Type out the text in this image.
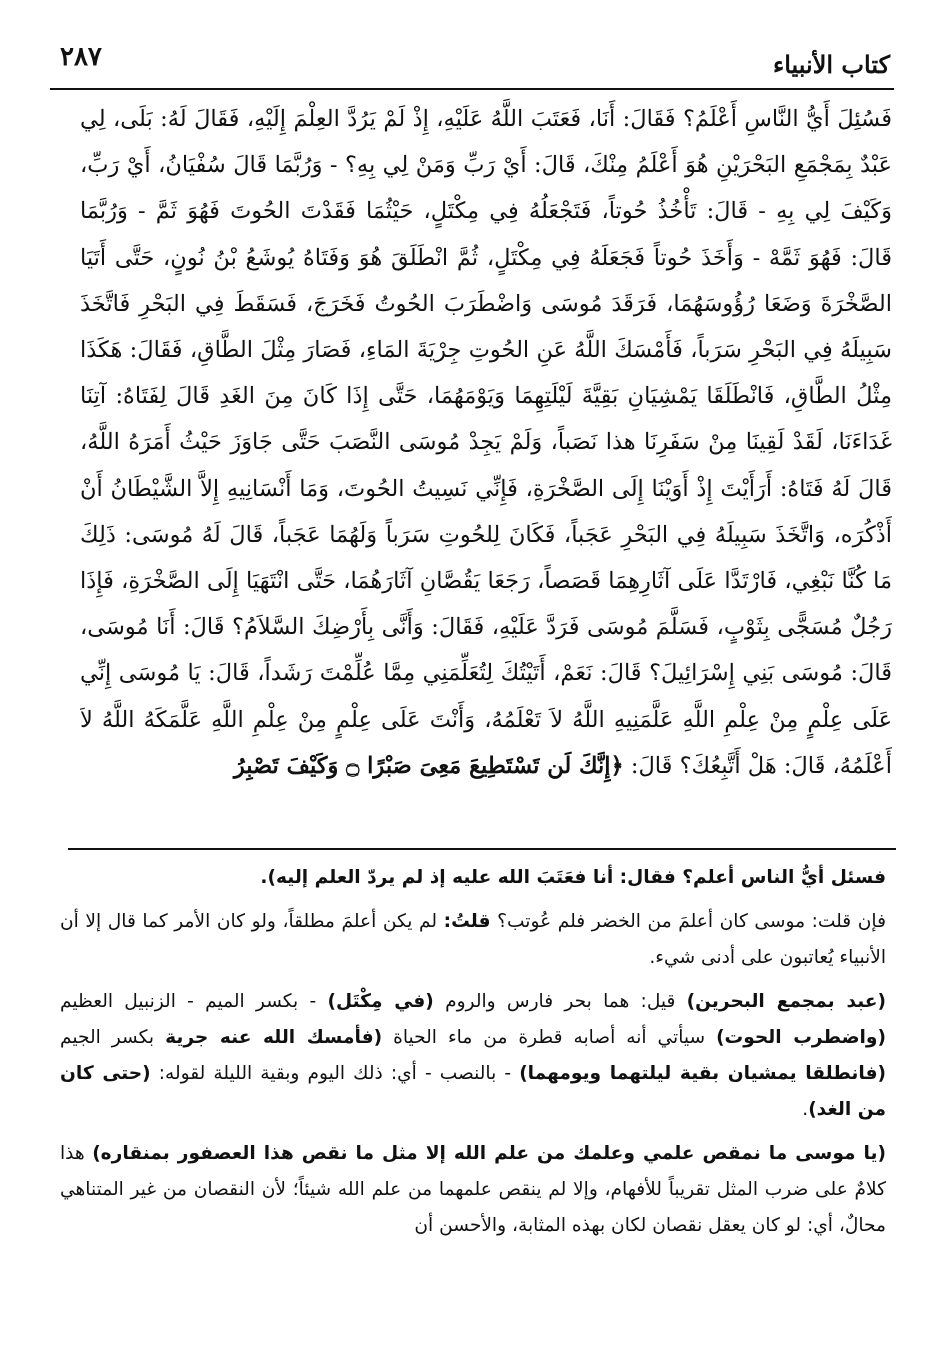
كتاب الأنبياء
٢٨٧
فَسُئِلَ أَيُّ النَّاسِ أَعْلَمُ؟ فَقَالَ: أَنَا، فَعَتَبَ اللَّهُ عَلَيْهِ، إِذْ لَمْ يَرُدَّ العِلْمَ إِلَيْهِ، فَقَالَ لَهُ: بَلَى، لِي عَبْدٌ بِمَجْمَعِ البَحْرَيْنِ هُوَ أَعْلَمُ مِنْكَ، قَالَ: أَيْ رَبِّ وَمَنْ لِي بِهِ؟ - وَرُبَّمَا قَالَ سُفْيَانُ، أَيْ رَبِّ، وَكَيْفَ لِي بِهِ - قَالَ: تَأْخُذُ حُوتاً، فَتَجْعَلُهُ فِي مِكْتَلٍ، حَيْثُمَا فَقَدْتَ الحُوتَ فَهُوَ ثَمَّ - وَرُبَّمَا قَالَ: فَهُوَ ثَمَّهْ - وَأَخَذَ حُوتاً فَجَعَلَهُ فِي مِكْتَلٍ، ثُمَّ انْطَلَقَ هُوَ وَفَتَاهُ يُوشَعُ بْنُ نُونٍ، حَتَّى أَتَيَا الصَّخْرَةَ وَضَعَا رُؤُوسَهُمَا، فَرَقَدَ مُوسَى وَاضْطَرَبَ الحُوتُ فَخَرَجَ، فَسَقَطَ فِي البَحْرِ فَاتَّخَذَ سَبِيلَهُ فِي البَحْرِ سَرَباً، فَأَمْسَكَ اللَّهُ عَنِ الحُوتِ جِرْيَةَ المَاءِ، فَصَارَ مِثْلَ الطَّاقِ، فَقَالَ: هَكَذَا مِثْلُ الطَّاقِ، فَانْطَلَقَا يَمْشِيَانِ بَقِيَّةَ لَيْلَتِهِمَا وَيَوْمَهُمَا، حَتَّى إِذَا كَانَ مِنَ الغَدِ قَالَ لِفَتَاهُ: آتِنَا غَدَاءَنَا، لَقَدْ لَقِينَا مِنْ سَفَرِنَا هذا نَصَباً، وَلَمْ يَجِدْ مُوسَى النَّصَبَ حَتَّى جَاوَزَ حَيْثُ أَمَرَهُ اللَّهُ، قَالَ لَهُ فَتَاهُ: أَرَأَيْتَ إِذْ أَوَيْنَا إِلَى الصَّخْرَةِ، فَإِنِّي نَسِيتُ الحُوتَ، وَمَا أَنْسَانِيهِ إِلاَّ الشَّيْطَانُ أَنْ أَذْكُرَه، وَاتَّخَذَ سَبِيلَهُ فِي البَحْرِ عَجَباً، فَكَانَ لِلحُوتِ سَرَباً وَلَهُمَا عَجَباً، قَالَ لَهُ مُوسَى: ذَلِكَ مَا كُنَّا نَبْغِي، فَارْتَدَّا عَلَى آثَارِهِمَا قَصَصاً، رَجَعَا يَقُصَّانِ آثَارَهُمَا، حَتَّى انْتَهَيَا إِلَى الصَّخْرَةِ، فَإِذَا رَجُلٌ مُسَجًّى بِثَوْبٍ، فَسَلَّمَ مُوسَى فَرَدَّ عَلَيْهِ، فَقَالَ: وَأَنَّى بِأَرْضِكَ السَّلاَمُ؟ قَالَ: أَنَا مُوسَى، قَالَ: مُوسَى بَنِي إِسْرَائِيلَ؟ قَالَ: نَعَمْ، أَتَيْتُكَ لِتُعَلِّمَنِي مِمَّا عُلِّمْتَ رَشَداً، قَالَ: يَا مُوسَى إِنِّي عَلَى عِلْمٍ مِنْ عِلْمِ اللَّهِ عَلَّمَنِيهِ اللَّهُ لاَ تَعْلَمُهُ، وَأَنْتَ عَلَى عِلْمٍ مِنْ عِلْمِ اللَّهِ عَلَّمَكَهُ اللَّهُ لاَ أَعْلَمُهُ، قَالَ: هَلْ أَتَّبِعُكَ؟ قَالَ: ﴿إِنَّكَ لَن تَسْتَطِيعَ مَعِىَ صَبْرًا ۝ وَكَيْفَ تَصْبِرُ

فسئل أيُّ الناس أعلم؟ فقال: أنا فعَتَبَ الله عليه إذ لم يردّ العلم إليه).

فإن قلت: موسى كان أعلمَ من الخضر فلم عُوتب؟ قلتُ: لم يكن أعلمَ مطلقاً، ولو كان الأمر كما قال إلا أن الأنبياء يُعاتبون على أدنى شيء.

(عبد بمجمع البحرين) قيل: هما بحر فارس والروم (في مِكْتَل) - بكسر الميم - الزنبيل العظيم (واضطرب الحوت) سيأتي أنه أصابه قطرة من ماء الحياة (فأمسك الله عنه جرية بكسر الجيم (فانطلقا يمشيان بقية ليلتهما ويومهما) - بالنصب - أي: ذلك اليوم وبقية الليلة لقوله: (حتى كان من الغد).

(يا موسى ما نمقص علمي وعلمك من علم الله إلا مثل ما نقص هذا العصفور بمنقاره) هذا كلامٌ على ضرب المثل تقريباً للأفهام، وإلا لم ينقص علمهما من علم الله شيئاً؛ لأن النقصان من غير المتناهي محالٌ، أي: لو كان يعقل نقصان لكان بهذه المثابة، والأحسن أن
